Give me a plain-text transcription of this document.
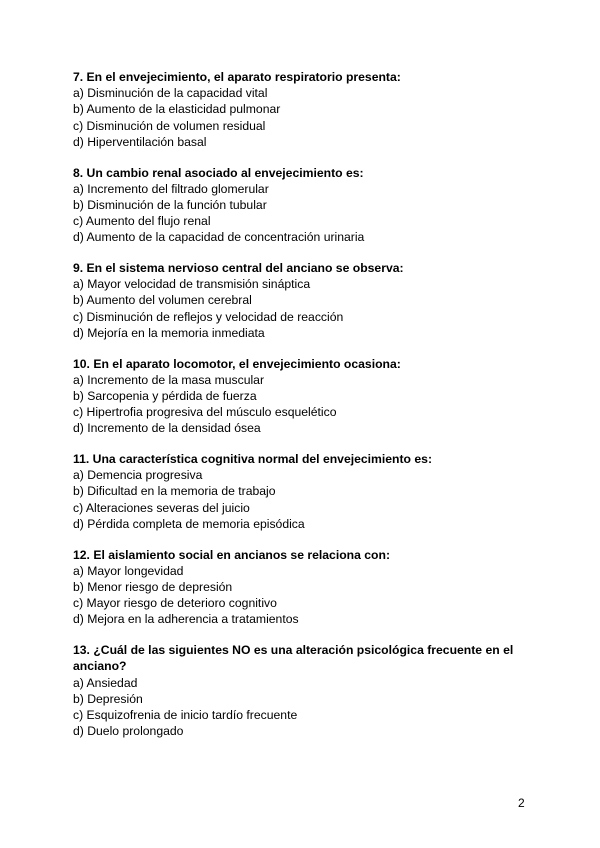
7. En el envejecimiento, el aparato respiratorio presenta:

a) Disminución de la capacidad vital

b) Aumento de la elasticidad pulmonar

c) Disminución de volumen residual

d) Hiperventilación basal

8. Un cambio renal asociado al envejecimiento es:

a) Incremento del filtrado glomerular

b) Disminución de la función tubular

c) Aumento del flujo renal

d) Aumento de la capacidad de concentración urinaria

9. En el sistema nervioso central del anciano se observa:

a) Mayor velocidad de transmisión sináptica

b) Aumento del volumen cerebral

c) Disminución de reflejos y velocidad de reacción

d) Mejoría en la memoria inmediata

10. En el aparato locomotor, el envejecimiento ocasiona:

a) Incremento de la masa muscular

b) Sarcopenia y pérdida de fuerza

c) Hipertrofia progresiva del músculo esquelético

d) Incremento de la densidad ósea

11. Una característica cognitiva normal del envejecimiento es:

a) Demencia progresiva

b) Dificultad en la memoria de trabajo

c) Alteraciones severas del juicio

d) Pérdida completa de memoria episódica

12. El aislamiento social en ancianos se relaciona con:

a) Mayor longevidad

b) Menor riesgo de depresión

c) Mayor riesgo de deterioro cognitivo

d) Mejora en la adherencia a tratamientos

13. ¿Cuál de las siguientes NO es una alteración psicológica frecuente en el anciano?

a) Ansiedad

b) Depresión

c) Esquizofrenia de inicio tardío frecuente

d) Duelo prolongado

2
